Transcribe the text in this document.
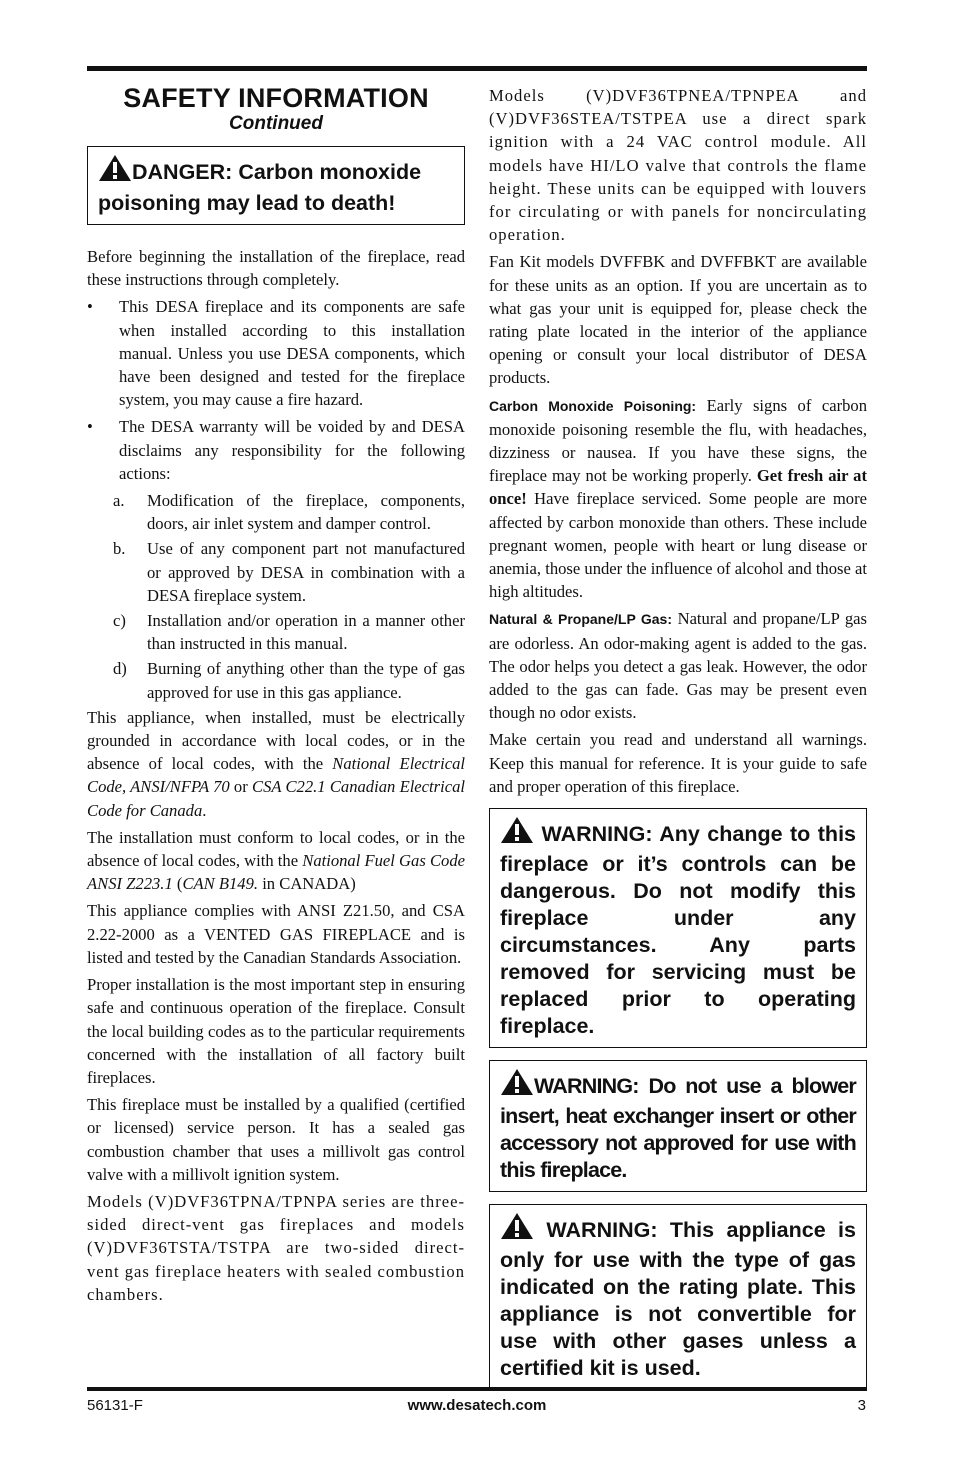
SAFETY INFORMATION
Continued
DANGER: Carbon monoxide poisoning may lead to death!

Before beginning the installation of the fireplace, read these instructions through completely.

•	This DESA fireplace and its components are safe when installed according to this installation manual. Unless you use DESA components, which have been designed and tested for the fireplace system, you may cause a fire hazard.
•	The DESA warranty will be voided by and DESA disclaims any responsibility for the following actions:
a.	Modification of the fireplace, components, doors, air inlet system and damper control.
b.	Use of any component part not manufactured or approved by DESA in combination with a DESA fireplace system.
c)	Installation and/or operation in a manner other than instructed in this manual.
d)	Burning of anything other than the type of gas approved for use in this gas appliance.

This appliance, when installed, must be electrically grounded in accordance with local codes, or in the absence of local codes, with the National Electrical Code, ANSI/NFPA 70 or CSA C22.1 Canadian Electrical Code for Canada.

The installation must conform to local codes, or in the absence of local codes, with the National Fuel Gas Code ANSI Z223.1 (CAN B149. in CANADA)

This appliance complies with ANSI Z21.50, and CSA 2.22-2000 as a VENTED GAS FIREPLACE and is listed and tested by the Canadian Standards Association.

Proper installation is the most important step in ensuring safe and continuous operation of the fireplace. Consult the local building codes as to the particular requirements concerned with the installation of all factory built fireplaces.

This fireplace must be installed by a qualified (certified or licensed) service person. It has a sealed gas combustion chamber that uses a millivolt gas control valve with a millivolt ignition system.

Models (V)DVF36TPNA/TPNPA series are three-sided direct-vent gas fireplaces and models (V)DVF36TSTA/TSTPA are two-sided direct-vent gas fireplace heaters with sealed combustion chambers.

Models (V)DVF36TPNEA/TPNPEA and (V)DVF36STEA/TSTPEA use a direct spark ignition with a 24 VAC control module. All models have HI/LO valve that controls the flame height. These units can be equipped with louvers for circulating or with panels for noncirculating operation.

Fan Kit models DVFFBK and DVFFBKT are available for these units as an option. If you are uncertain as to what gas your unit is equipped for, please check the rating plate located in the interior of the appliance opening or consult your local distributor of DESA products.

Carbon Monoxide Poisoning: Early signs of carbon monoxide poisoning resemble the flu, with headaches, dizziness or nausea. If you have these signs, the fireplace may not be working properly. Get fresh air at once! Have fireplace serviced. Some people are more affected by carbon monoxide than others. These include pregnant women, people with heart or lung disease or anemia, those under the influence of alcohol and those at high altitudes.

Natural & Propane/LP Gas: Natural and propane/LP gas are odorless. An odor-making agent is added to the gas. The odor helps you detect a gas leak. However, the odor added to the gas can fade. Gas may be present even though no odor exists.

Make certain you read and understand all warnings. Keep this manual for reference. It is your guide to safe and proper operation of this fireplace.

WARNING: Any change to this fireplace or it’s controls can be dangerous. Do not modify this fireplace under any circumstances. Any parts removed for servicing must be replaced prior to operating fireplace.
WARNING: Do not use a blower insert, heat exchanger insert or other accessory not approved for use with this fireplace.
WARNING: This appliance is only for use with the type of gas indicated on the rating plate. This appliance is not convertible for use with other gases unless a certified kit is used.
56131-F	www.desatech.com	3
